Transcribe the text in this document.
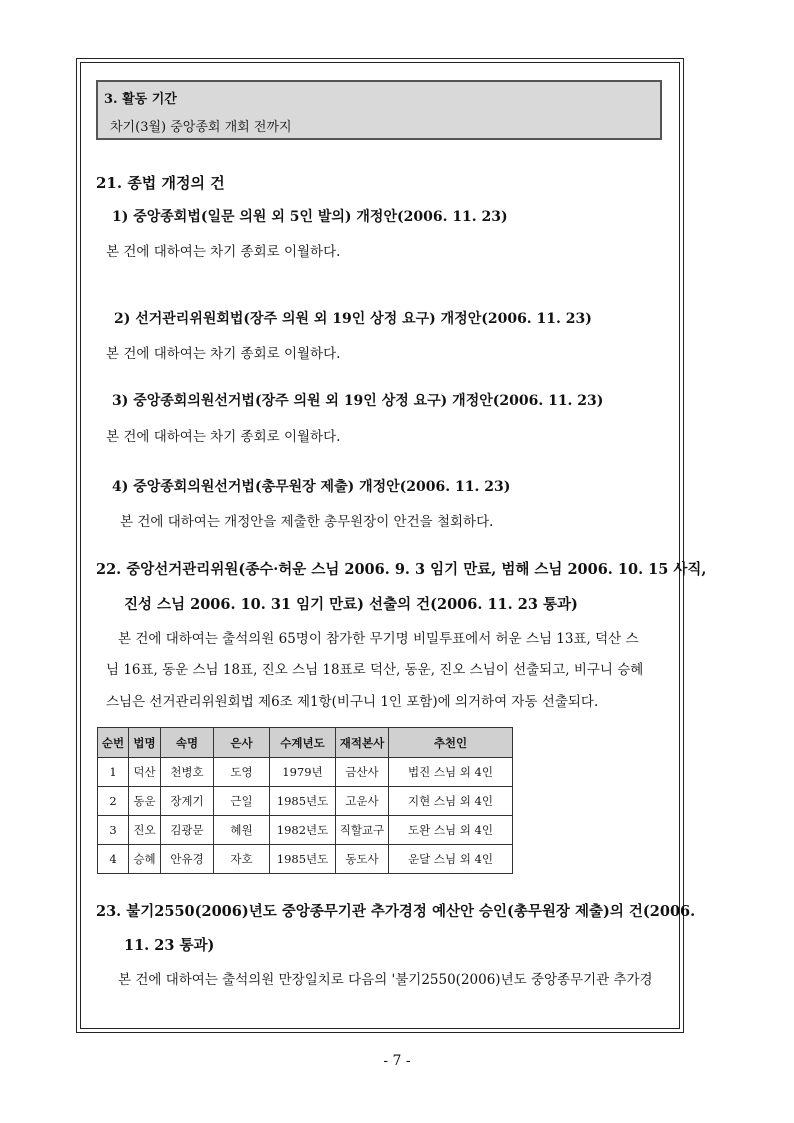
3. 활동 기간
차기(3월) 중앙종회 개회 전까지
21. 종법 개정의 건
1) 중앙종회법(일문 의원 외 5인 발의) 개정안(2006. 11. 23)
본 건에 대하여는 차기 종회로 이월하다.
2) 선거관리위원회법(장주 의원 외 19인 상정 요구) 개정안(2006. 11. 23)
본 건에 대하여는 차기 종회로 이월하다.
3) 중앙종회의원선거법(장주 의원 외 19인 상정 요구) 개정안(2006. 11. 23)
본 건에 대하여는 차기 종회로 이월하다.
4) 중앙종회의원선거법(총무원장 제출) 개정안(2006. 11. 23)
본 건에 대하여는 개정안을 제출한 총무원장이 안건을 철회하다.
22. 중앙선거관리위원(종수·허운 스님 2006. 9. 3 임기 만료, 범해 스님 2006. 10. 15 사직,
진성 스님 2006. 10. 31 임기 만료) 선출의 건(2006. 11. 23 통과)
본 건에 대하여는 출석의원 65명이 참가한 무기명 비밀투표에서 허운 스님 13표, 덕산 스
님 16표, 동운 스님 18표, 진오 스님 18표로 덕산, 동운, 진오 스님이 선출되고, 비구니 승혜
스님은 선거관리위원회법 제6조 제1항(비구니 1인 포함)에 의거하여 자동 선출되다.
순번	법명	속명	은사	수계년도	재적본사	추천인
1	덕산	천병호	도영	1979년	금산사	법진 스님 외 4인
2	동운	장계기	근일	1985년도	고운사	지현 스님 외 4인
3	진오	김광문	혜원	1982년도	직할교구	도완 스님 외 4인
4	승혜	안유경	자호	1985년도	동도사	운달 스님 외 4인
23. 불기2550(2006)년도 중앙종무기관 추가경정 예산안 승인(총무원장 제출)의 건(2006.
11. 23 통과)
본 건에 대하여는 출석의원 만장일치로 다음의 '불기2550(2006)년도 중앙종무기관 추가경
- 7 -
